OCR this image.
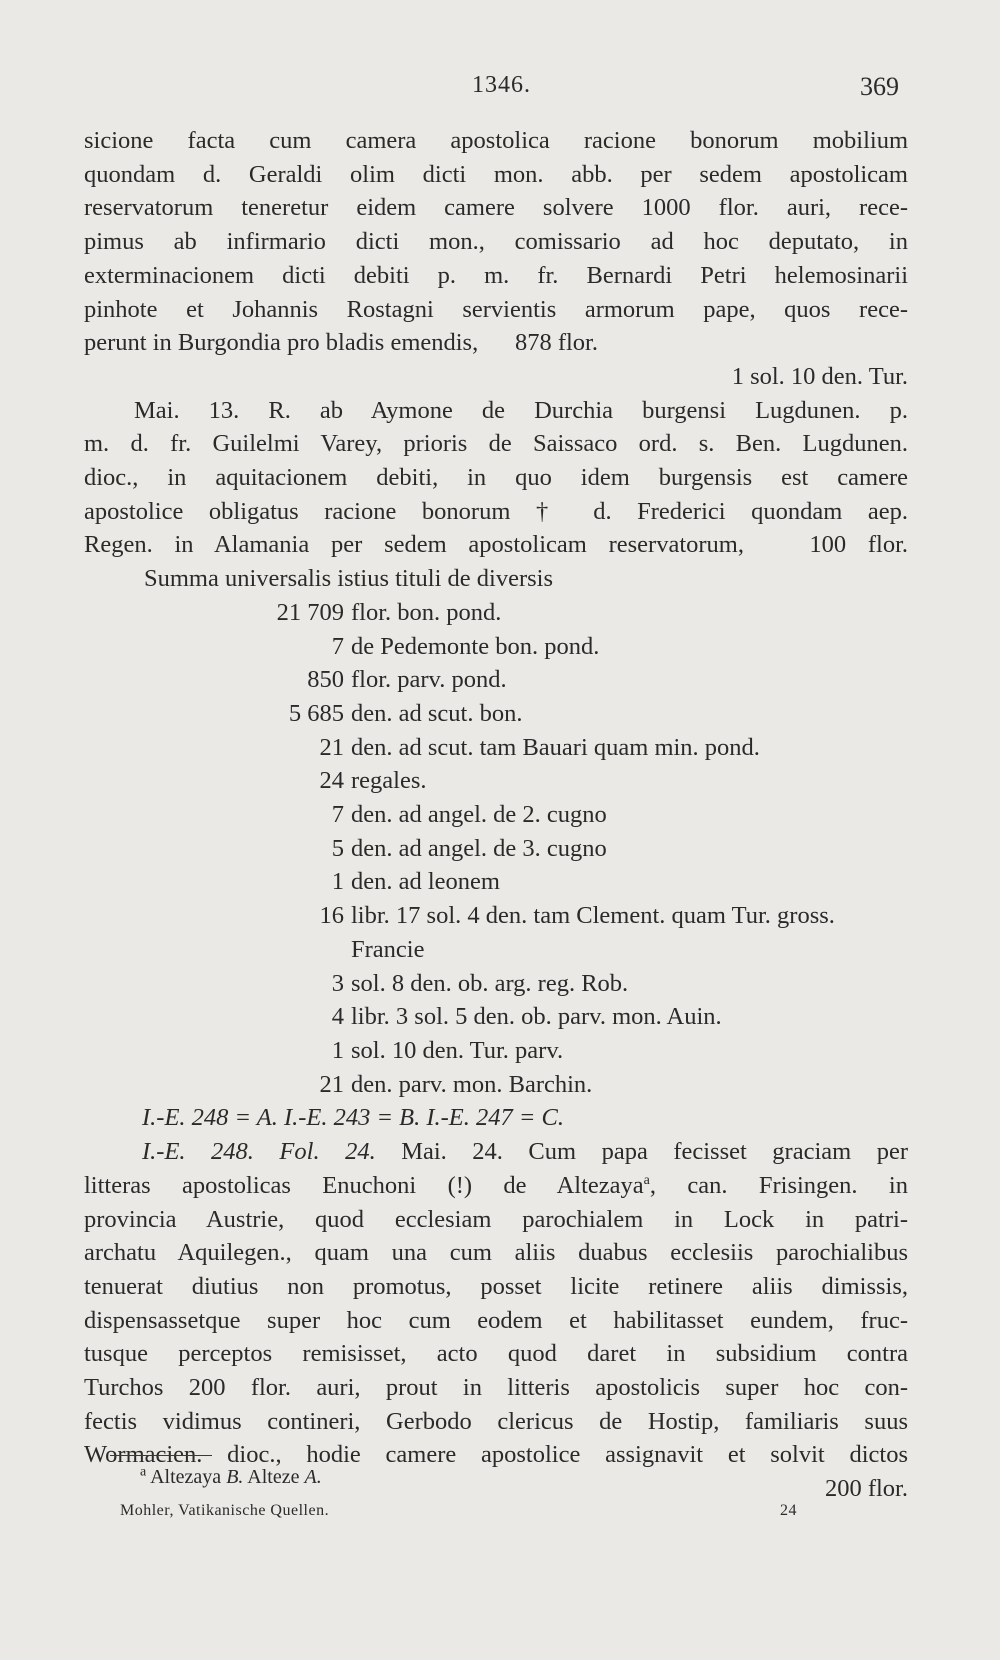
1346.	369
sicione facta cum camera apostolica racione bonorum mobilium
quondam d. Geraldi olim dicti mon. abb. per sedem apostolicam
reservatorum teneretur eidem camere solvere 1000 flor. auri, rece-
pimus ab infirmario dicti mon., comissario ad hoc deputato, in
exterminacionem dicti debiti p. m. fr. Bernardi Petri helemosinarii
pinhote et Johannis Rostagni servientis armorum pape, quos rece-
perunt in Burgondia pro bladis emendis,      878 flor.
1 sol. 10 den. Tur.
Mai. 13. R. ab Aymone de Durchia burgensi Lugdunen. p.
m. d. fr. Guilelmi Varey, prioris de Saissaco ord. s. Ben. Lugdunen.
dioc., in aquitacionem debiti, in quo idem burgensis est camere
apostolice obligatus racione bonorum † d. Frederici quondam aep.
Regen. in Alamania per sedem apostolicam reservatorum,   100 flor.
Summa universalis istius tituli de diversis
21 709 flor. bon. pond.
7 de Pedemonte bon. pond.
850 flor. parv. pond.
5 685 den. ad scut. bon.
21 den. ad scut. tam Bauari quam min. pond.
24 regales.
7 den. ad angel. de 2. cugno
5 den. ad angel. de 3. cugno
1 den. ad leonem
16 libr. 17 sol. 4 den. tam Clement. quam Tur. gross.
Francie
3 sol. 8 den. ob. arg. reg. Rob.
4 libr. 3 sol. 5 den. ob. parv. mon. Auin.
1 sol. 10 den. Tur. parv.
21 den. parv. mon. Barchin.
I.-E. 248 = A. I.-E. 243 = B. I.-E. 247 = C.
I.-E. 248. Fol. 24. Mai. 24. Cum papa fecisset graciam per
litteras apostolicas Enuchoni (!) de Altezaya$^a$, can. Frisingen. in
provincia Austrie, quod ecclesiam parochialem in Lock in patri-
archatu Aquilegen., quam una cum aliis duabus ecclesiis parochialibus
tenuerat diutius non promotus, posset licite retinere aliis dimissis,
dispensassetque super hoc cum eodem et habilitasset eundem, fruc-
tusque perceptos remisisset, acto quod daret in subsidium contra
Turchos 200 flor. auri, prout in litteris apostolicis super hoc con-
fectis vidimus contineri, Gerbodo clericus de Hostip, familiaris suus
Wormacien. dioc., hodie camere apostolice assignavit et solvit dictos
200 flor.
$^a$ Altezaya B. Alteze A.
Mohler, Vatikanische Quellen.	24
